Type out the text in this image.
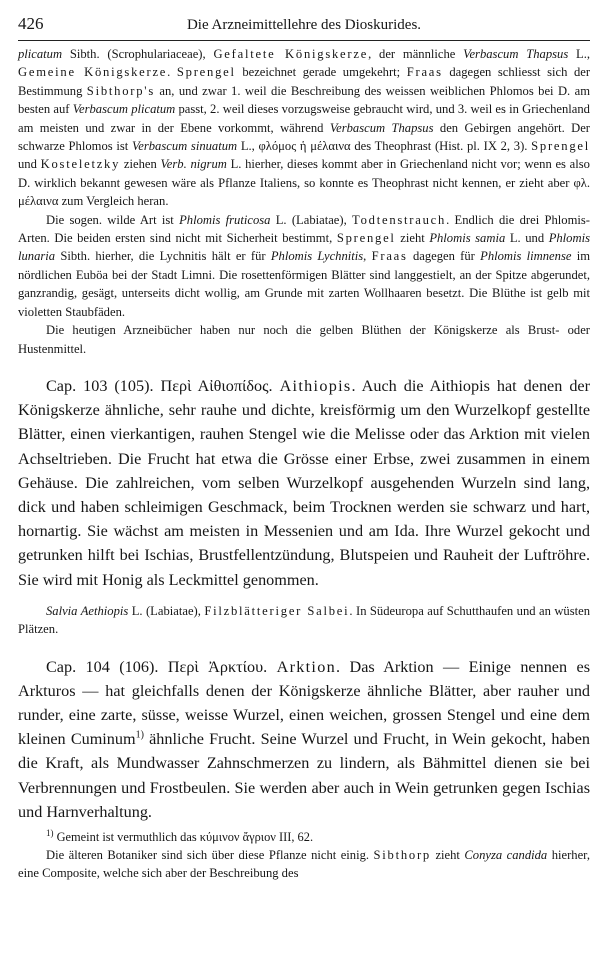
426	Die Arzneimittellehre des Dioskurides.

plicatum Sibth. (Scrophulariaceae), Gefaltete Königskerze, der männliche Verbascum Thapsus L., Gemeine Königskerze. Sprengel bezeichnet gerade umgekehrt; Fraas dagegen schliesst sich der Bestimmung Sibthorp's an, und zwar 1. weil die Beschreibung des weissen weiblichen Phlomos bei D. am besten auf Verbascum plicatum passt, 2. weil dieses vorzugsweise gebraucht wird, und 3. weil es in Griechenland am meisten und zwar in der Ebene vorkommt, während Verbascum Thapsus den Gebirgen angehört. Der schwarze Phlomos ist Verbascum sinuatum L., φλόμος ἡ μέλαινα des Theophrast (Hist. pl. IX 2, 3). Sprengel und Kosteletzky ziehen Verb. nigrum L. hierher, dieses kommt aber in Griechenland nicht vor; wenn es also D. wirklich bekannt gewesen wäre als Pflanze Italiens, so konnte es Theophrast nicht kennen, er zieht aber φλ. μέλαινα zum Vergleich heran.

Die sogen. wilde Art ist Phlomis fruticosa L. (Labiatae), Todtenstrauch. Endlich die drei Phlomis-Arten. Die beiden ersten sind nicht mit Sicherheit bestimmt, Sprengel zieht Phlomis samia L. und Phlomis lunaria Sibth. hierher, die Lychnitis hält er für Phlomis Lychnitis, Fraas dagegen für Phlomis limnense im nördlichen Euböa bei der Stadt Limni. Die rosettenförmigen Blätter sind langgestielt, an der Spitze abgerundet, ganzrandig, gesägt, unterseits dicht wollig, am Grunde mit zarten Wollhaaren besetzt. Die Blüthe ist gelb mit violetten Staubfäden.

Die heutigen Arzneibücher haben nur noch die gelben Blüthen der Königskerze als Brust- oder Hustenmittel.

Cap. 103 (105). Περὶ Αἰθιοπίδος. Aithiopis. Auch die Aithiopis hat denen der Königskerze ähnliche, sehr rauhe und dichte, kreisförmig um den Wurzelkopf gestellte Blätter, einen vierkantigen, rauhen Stengel wie die Melisse oder das Arktion mit vielen Achseltrieben. Die Frucht hat etwa die Grösse einer Erbse, zwei zusammen in einem Gehäuse. Die zahlreichen, vom selben Wurzelkopf ausgehenden Wurzeln sind lang, dick und haben schleimigen Geschmack, beim Trocknen werden sie schwarz und hart, hornartig. Sie wächst am meisten in Messenien und am Ida. Ihre Wurzel gekocht und getrunken hilft bei Ischias, Brustfellentzündung, Blutspeien und Rauheit der Luftröhre. Sie wird mit Honig als Leckmittel genommen.

Salvia Aethiopis L. (Labiatae), Filzblätteriger Salbei. In Südeuropa auf Schutthaufen und an wüsten Plätzen.

Cap. 104 (106). Περὶ Ἀρκτίου. Arktion. Das Arktion — Einige nennen es Arkturos — hat gleichfalls denen der Königskerze ähnliche Blätter, aber rauher und runder, eine zarte, süsse, weisse Wurzel, einen weichen, grossen Stengel und eine dem kleinen Cuminum$^{1)}$ ähnliche Frucht. Seine Wurzel und Frucht, in Wein gekocht, haben die Kraft, als Mundwasser Zahnschmerzen zu lindern, als Bähmittel dienen sie bei Verbrennungen und Frostbeulen. Sie werden aber auch in Wein getrunken gegen Ischias und Harnverhaltung.

$^{1)}$ Gemeint ist vermuthlich das κύμινον ἄγριον III, 62.

Die älteren Botaniker sind sich über diese Pflanze nicht einig. Sibthorp zieht Conyza candida hierher, eine Composite, welche sich aber der Beschreibung des
